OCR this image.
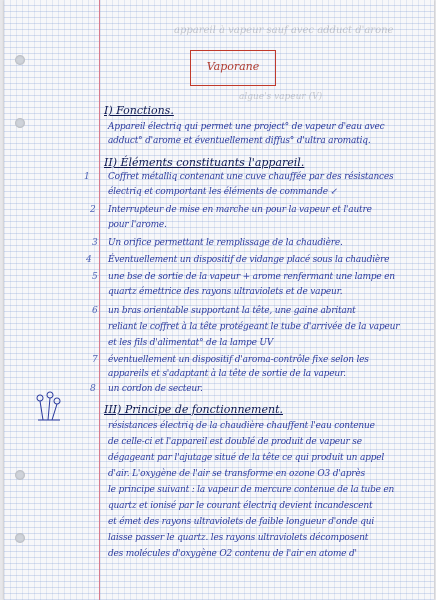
appareil à vapeur sauf avec adduct d'arone
Vaporane
algue's vapeur (V)
I) Fonctions.
Appareil électriq qui permet une project° de vapeur d'eau avec
adduct° d'arome et éventuellement diffus° d'ultra aromatiq.
II) Éléments constituants l'appareil.
1 Coffret métalliq contenant une cuve chauffée par des résistances
électriq et comportant les éléments de commande ↙
2 Interrupteur de mise en marche un pour la vapeur et l'autre
pour l'arome.
3 Un orifice permettant le remplissage de la chaudière.
4 Éventuellement un dispositif de vidange placé sous la chaudière
5 une bse de sortie de la vapeur + arome renfermant une lampe en
quartz émettrice des rayons ultraviolets et de vapeur.
6 un bras orientable supportant la tête, une gaine abritant
reliant le coffret à la tête protégeant le tube d'arrivée de la vapeur
et les fils d'alimentat° de la lampe UV
7 éventuellement un dispositif d'aroma-contrôle fixe selon les
appareils et s'adaptant à la tête de sortie de la vapeur.
8 un cordon de secteur.
III) Principe de fonctionnement.
résistances électriq de la chaudière chauffent l'eau contenue
de celle-ci et l'appareil est doublé de produit de vapeur se
dégageant par l'ajutage situé de la tête ce qui produit un appel
d'air. L'oxygène de l'air se transforme en ozone O3 d'après
le principe suivant : la vapeur de mercure contenue de la tube en
quartz et ionisé par le courant électriq devient incandescent
et émet des rayons ultraviolets de faible longueur d'onde qui
laisse passer le quartz. les rayons ultraviolets décomposent
des molécules d'oxygène O2 contenu de l'air en atome d'
